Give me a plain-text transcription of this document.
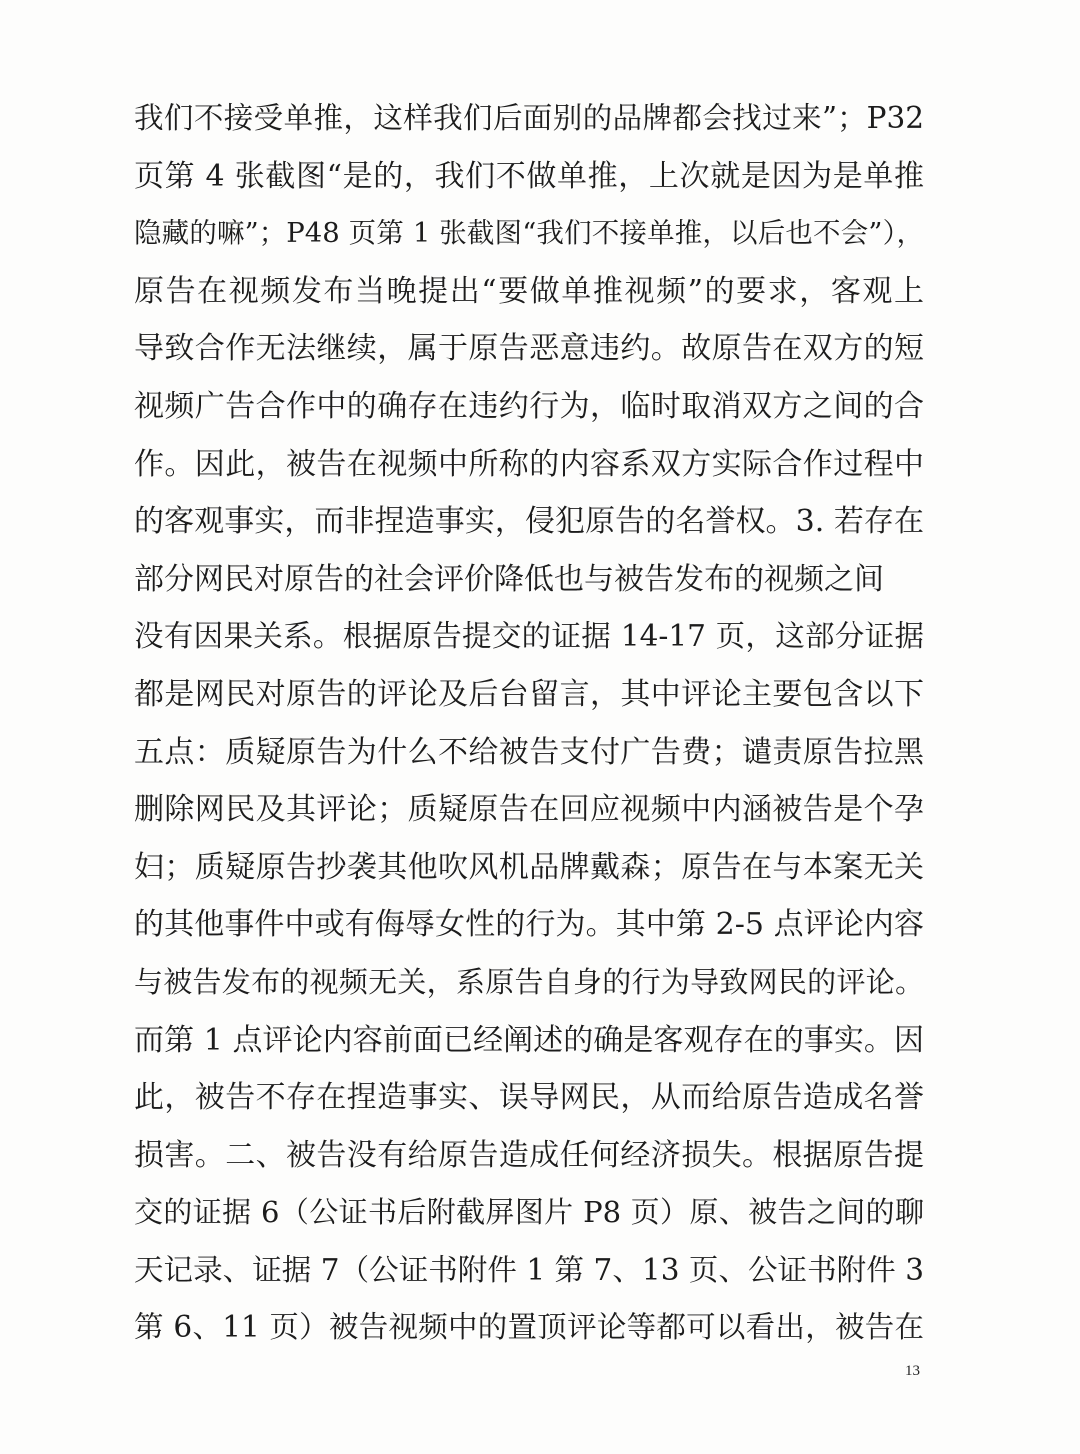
我们不接受单推，这样我们后面别的品牌都会找过来”；P32
页第 4 张截图“是的，我们不做单推，上次就是因为是单推
隐藏的嘛”；P48 页第 1 张截图“我们不接单推，以后也不会”），
原告在视频发布当晚提出“要做单推视频”的要求，客观上
导致合作无法继续，属于原告恶意违约。故原告在双方的短
视频广告合作中的确存在违约行为，临时取消双方之间的合
作。因此，被告在视频中所称的内容系双方实际合作过程中
的客观事实，而非捏造事实，侵犯原告的名誉权。3. 若存在
部分网民对原告的社会评价降低也与被告发布的视频之间
没有因果关系。根据原告提交的证据 14-17 页，这部分证据
都是网民对原告的评论及后台留言，其中评论主要包含以下
五点：质疑原告为什么不给被告支付广告费；谴责原告拉黑
删除网民及其评论；质疑原告在回应视频中内涵被告是个孕
妇；质疑原告抄袭其他吹风机品牌戴森；原告在与本案无关
的其他事件中或有侮辱女性的行为。其中第 2-5 点评论内容
与被告发布的视频无关，系原告自身的行为导致网民的评论。
而第 1 点评论内容前面已经阐述的确是客观存在的事实。因
此，被告不存在捏造事实、误导网民，从而给原告造成名誉
损害。二、被告没有给原告造成任何经济损失。根据原告提
交的证据 6（公证书后附截屏图片 P8 页）原、被告之间的聊
天记录、证据 7（公证书附件 1 第 7、13 页、公证书附件 3
第 6、11 页）被告视频中的置顶评论等都可以看出，被告在
13
